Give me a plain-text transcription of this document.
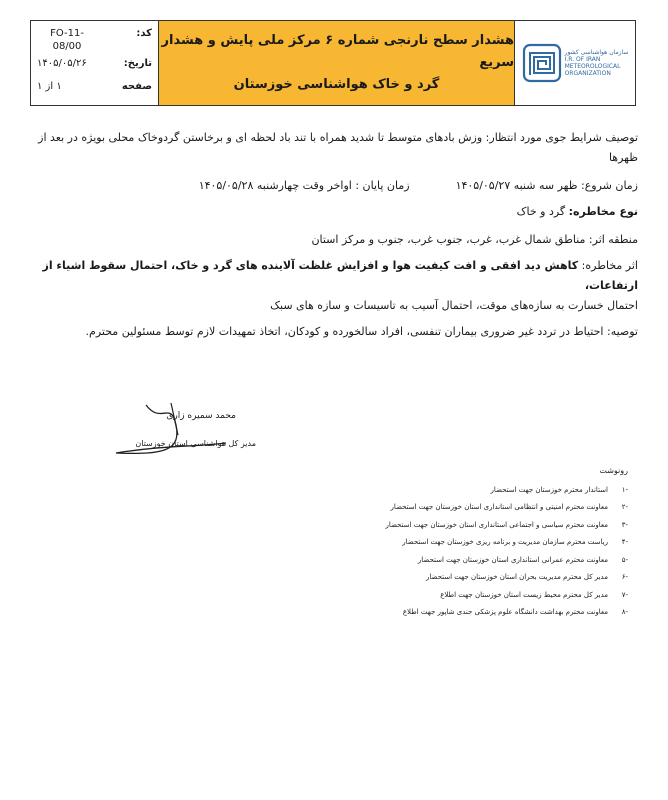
کد:
FO-11-08/00
تاریخ:
۱۴۰۵/۰۵/۲۶
صفحه
۱ از ۱
هشدار سطح نارنجی شماره ۶ مرکز ملی پایش و هشدار سریع
گرد و خاک هواشناسی خوزستان
سازمان هواشناسی کشور
I.R. OF IRAN
METEOROLOGICAL
ORGANIZATION

توصیف شرایط جوی مورد انتظار: وزش بادهای متوسط تا شدید همراه با تند باد لحظه ای و برخاستن گردوخاک محلی بویژه در بعد از ظهرها

زمان شروع: ظهر سه شنبه ۱۴۰۵/۰۵/۲۷
زمان پایان : اواخر وقت چهارشنبه ۱۴۰۵/۰۵/۲۸

نوع مخاطره: گرد و خاک

منطقه اثر: مناطق شمال غرب، غرب، جنوب غرب، جنوب و مرکز استان

اثر مخاطره: کاهش دید افقی و افت کیفیت هوا و افزایش غلظت آلاینده های گرد و خاک، احتمال سقوط اشیاء از ارتفاعات،

احتمال خسارت به سازه‌های موقت، احتمال آسیب به تاسیسات و سازه های سبک

توصیه: احتیاط در تردد غیر ضروری بیماران تنفسی، افراد سالخورده و کودکان، اتخاذ تمهیدات لازم توسط مسئولین محترم.

محمد سمیره زاری
مدیر کل هواشناسی استان خوزستان
رونوشت
-۱
استاندار محترم خوزستان جهت استحضار
-۲
معاونت محترم امنیتی و انتظامی استانداری استان خوزستان جهت استحضار
-۳
معاونت محترم سیاسی و اجتماعی استانداری استان خوزستان جهت استحضار
-۴
ریاست محترم سازمان مدیریت و برنامه ریزی خوزستان جهت استحضار
-۵
معاونت محترم عمرانی استانداری استان خوزستان جهت استحضار
-۶
مدیر کل محترم مدیریت بحران استان خوزستان جهت استحضار
-۷
مدیر کل محترم محیط زیست استان خوزستان جهت اطلاع
-۸
معاونت محترم بهداشت دانشگاه علوم پزشکی جندی شاپور جهت اطلاع
